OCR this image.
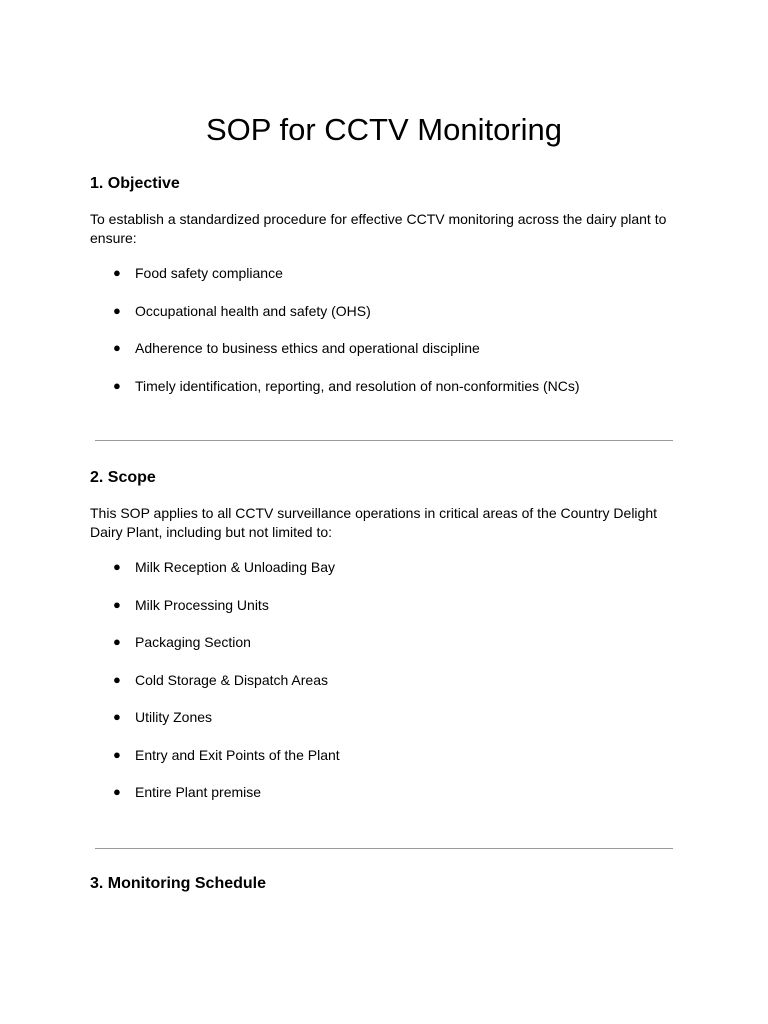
SOP for CCTV Monitoring
1. Objective

To establish a standardized procedure for effective CCTV monitoring across the dairy plant to ensure:

● Food safety compliance
● Occupational health and safety (OHS)
● Adherence to business ethics and operational discipline
● Timely identification, reporting, and resolution of non-conformities (NCs)
2. Scope

This SOP applies to all CCTV surveillance operations in critical areas of the Country Delight Dairy Plant, including but not limited to:

● Milk Reception & Unloading Bay
● Milk Processing Units
● Packaging Section
● Cold Storage & Dispatch Areas
● Utility Zones
● Entry and Exit Points of the Plant
● Entire Plant premise
3. Monitoring Schedule
